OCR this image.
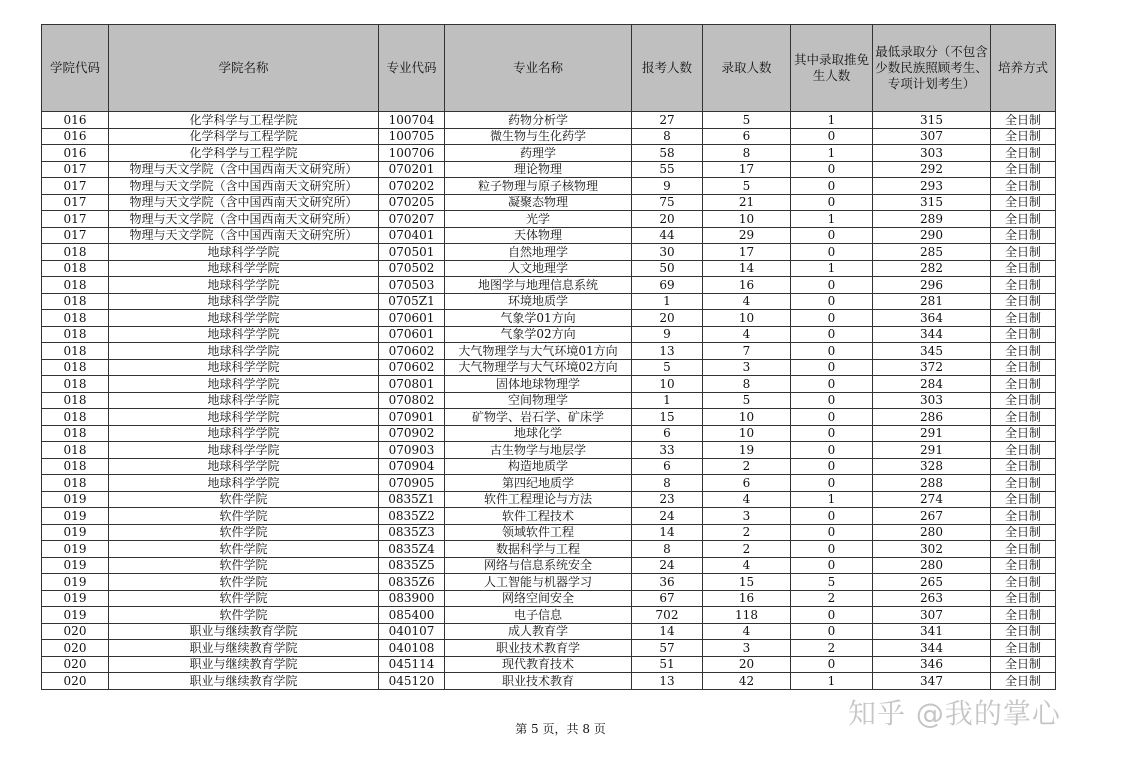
学院代码	学院名称	专业代码	专业名称	报考人数	录取人数	其中录取推免生人数	最低录取分（不包含少数民族照顾考生、专项计划考生）	培养方式
016	化学科学与工程学院	100704	药物分析学	27	5	1	315	全日制
016	化学科学与工程学院	100705	微生物与生化药学	8	6	0	307	全日制
016	化学科学与工程学院	100706	药理学	58	8	1	303	全日制
017	物理与天文学院（含中国西南天文研究所）	070201	理论物理	55	17	0	292	全日制
017	物理与天文学院（含中国西南天文研究所）	070202	粒子物理与原子核物理	9	5	0	293	全日制
017	物理与天文学院（含中国西南天文研究所）	070205	凝聚态物理	75	21	0	315	全日制
017	物理与天文学院（含中国西南天文研究所）	070207	光学	20	10	1	289	全日制
017	物理与天文学院（含中国西南天文研究所）	070401	天体物理	44	29	0	290	全日制
018	地球科学学院	070501	自然地理学	30	17	0	285	全日制
018	地球科学学院	070502	人文地理学	50	14	1	282	全日制
018	地球科学学院	070503	地图学与地理信息系统	69	16	0	296	全日制
018	地球科学学院	0705Z1	环境地质学	1	4	0	281	全日制
018	地球科学学院	070601	气象学01方向	20	10	0	364	全日制
018	地球科学学院	070601	气象学02方向	9	4	0	344	全日制
018	地球科学学院	070602	大气物理学与大气环境01方向	13	7	0	345	全日制
018	地球科学学院	070602	大气物理学与大气环境02方向	5	3	0	372	全日制
018	地球科学学院	070801	固体地球物理学	10	8	0	284	全日制
018	地球科学学院	070802	空间物理学	1	5	0	303	全日制
018	地球科学学院	070901	矿物学、岩石学、矿床学	15	10	0	286	全日制
018	地球科学学院	070902	地球化学	6	10	0	291	全日制
018	地球科学学院	070903	古生物学与地层学	33	19	0	291	全日制
018	地球科学学院	070904	构造地质学	6	2	0	328	全日制
018	地球科学学院	070905	第四纪地质学	8	6	0	288	全日制
019	软件学院	0835Z1	软件工程理论与方法	23	4	1	274	全日制
019	软件学院	0835Z2	软件工程技术	24	3	0	267	全日制
019	软件学院	0835Z3	领域软件工程	14	2	0	280	全日制
019	软件学院	0835Z4	数据科学与工程	8	2	0	302	全日制
019	软件学院	0835Z5	网络与信息系统安全	24	4	0	280	全日制
019	软件学院	0835Z6	人工智能与机器学习	36	15	5	265	全日制
019	软件学院	083900	网络空间安全	67	16	2	263	全日制
019	软件学院	085400	电子信息	702	118	0	307	全日制
020	职业与继续教育学院	040107	成人教育学	14	4	0	341	全日制
020	职业与继续教育学院	040108	职业技术教育学	57	3	2	344	全日制
020	职业与继续教育学院	045114	现代教育技术	51	20	0	346	全日制
020	职业与继续教育学院	045120	职业技术教育	13	42	1	347	全日制
第 5 页，共 8 页	知乎 @我的掌心
